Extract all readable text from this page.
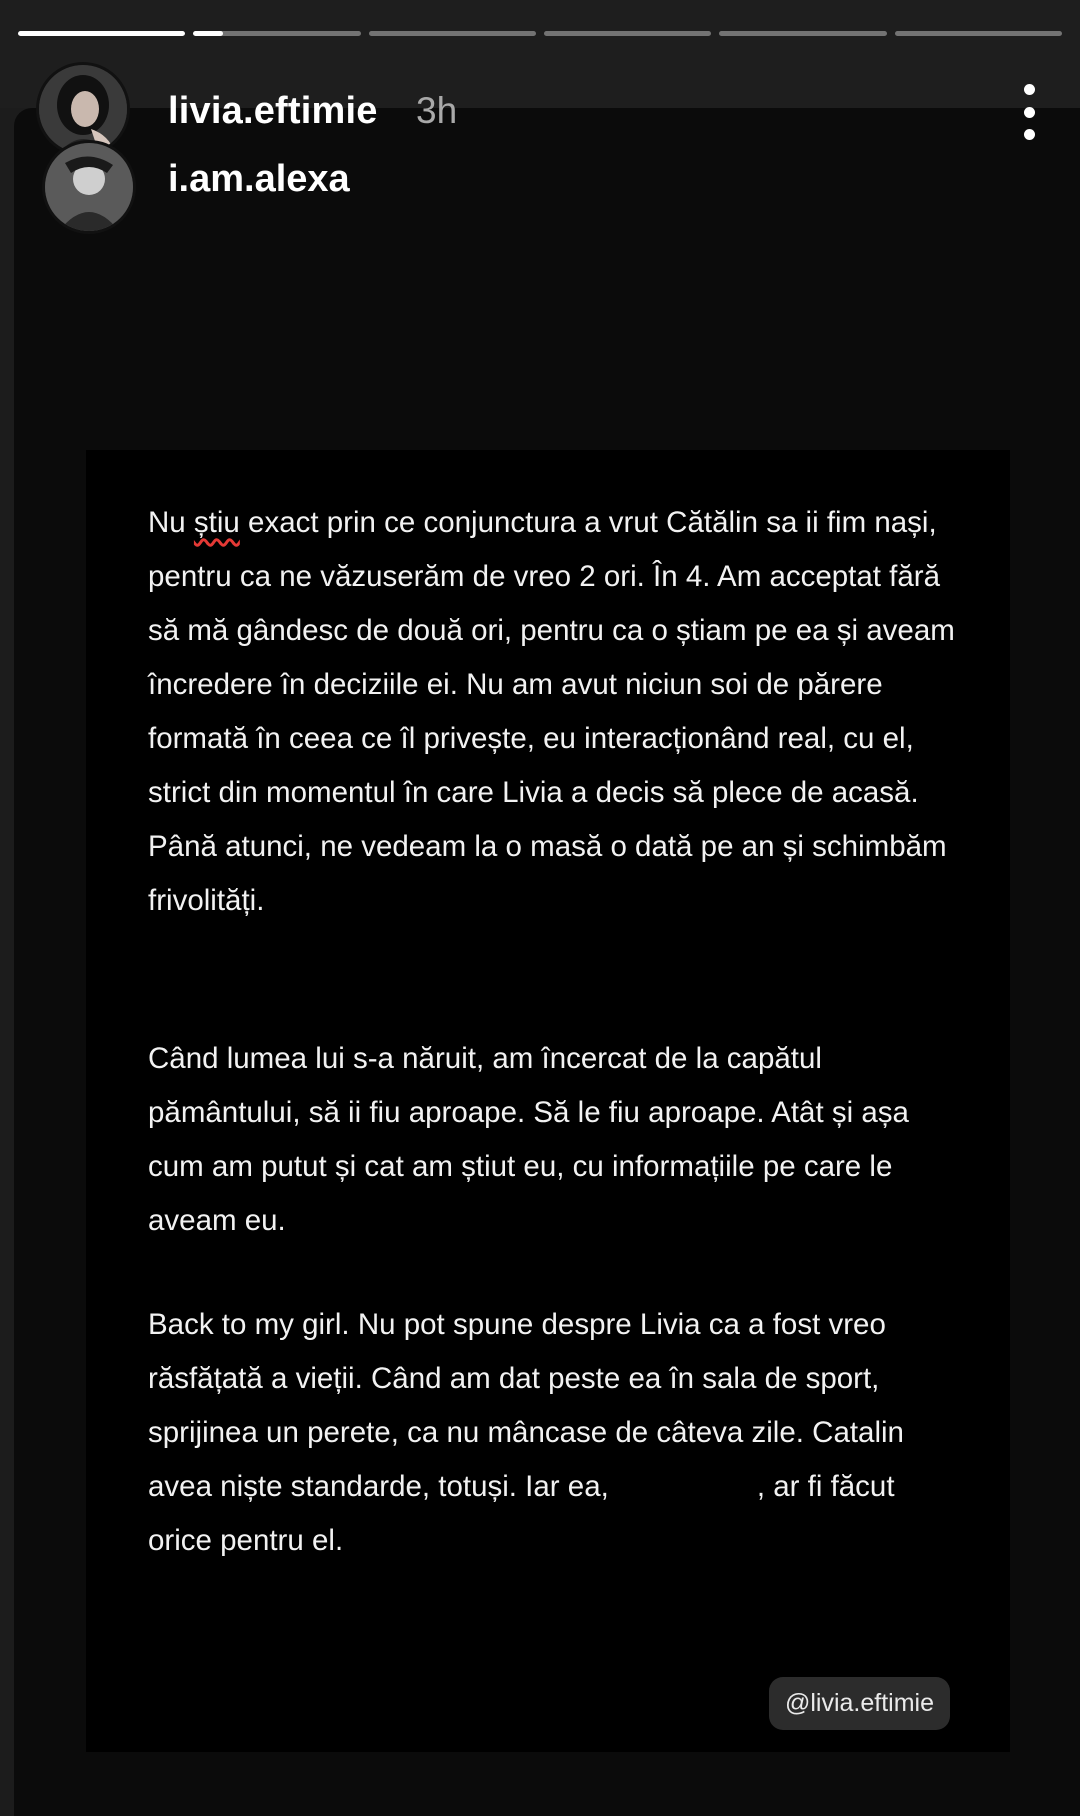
livia.eftimie 3h
i.am.alexa
Nu știu exact prin ce conjunctura a vrut Cătălin sa ii fim nași, pentru ca ne văzuserăm de vreo 2 ori. În 4. Am acceptat fără să mă gândesc de două ori, pentru ca o știam pe ea și aveam încredere în deciziile ei. Nu am avut niciun soi de părere formată în ceea ce îl privește, eu interacționând real, cu el, strict din momentul în care Livia a decis să plece de acasă. Până atunci, ne vedeam la o masă o dată pe an și schimbăm frivolități.
Când lumea lui s-a năruit, am încercat de la capătul pământului, să ii fiu aproape. Să le fiu aproape. Atât și așa cum am putut și cat am știut eu, cu informațiile pe care le aveam eu.
Back to my girl. Nu pot spune despre Livia ca a fost vreo răsfățată a vieții. Când am dat peste ea în sala de sport, sprijinea un perete, ca nu mâncase de câteva zile. Catalin avea niște standarde, totuși. Iar ea,	, ar fi făcut orice pentru el.
@livia.eftimie
